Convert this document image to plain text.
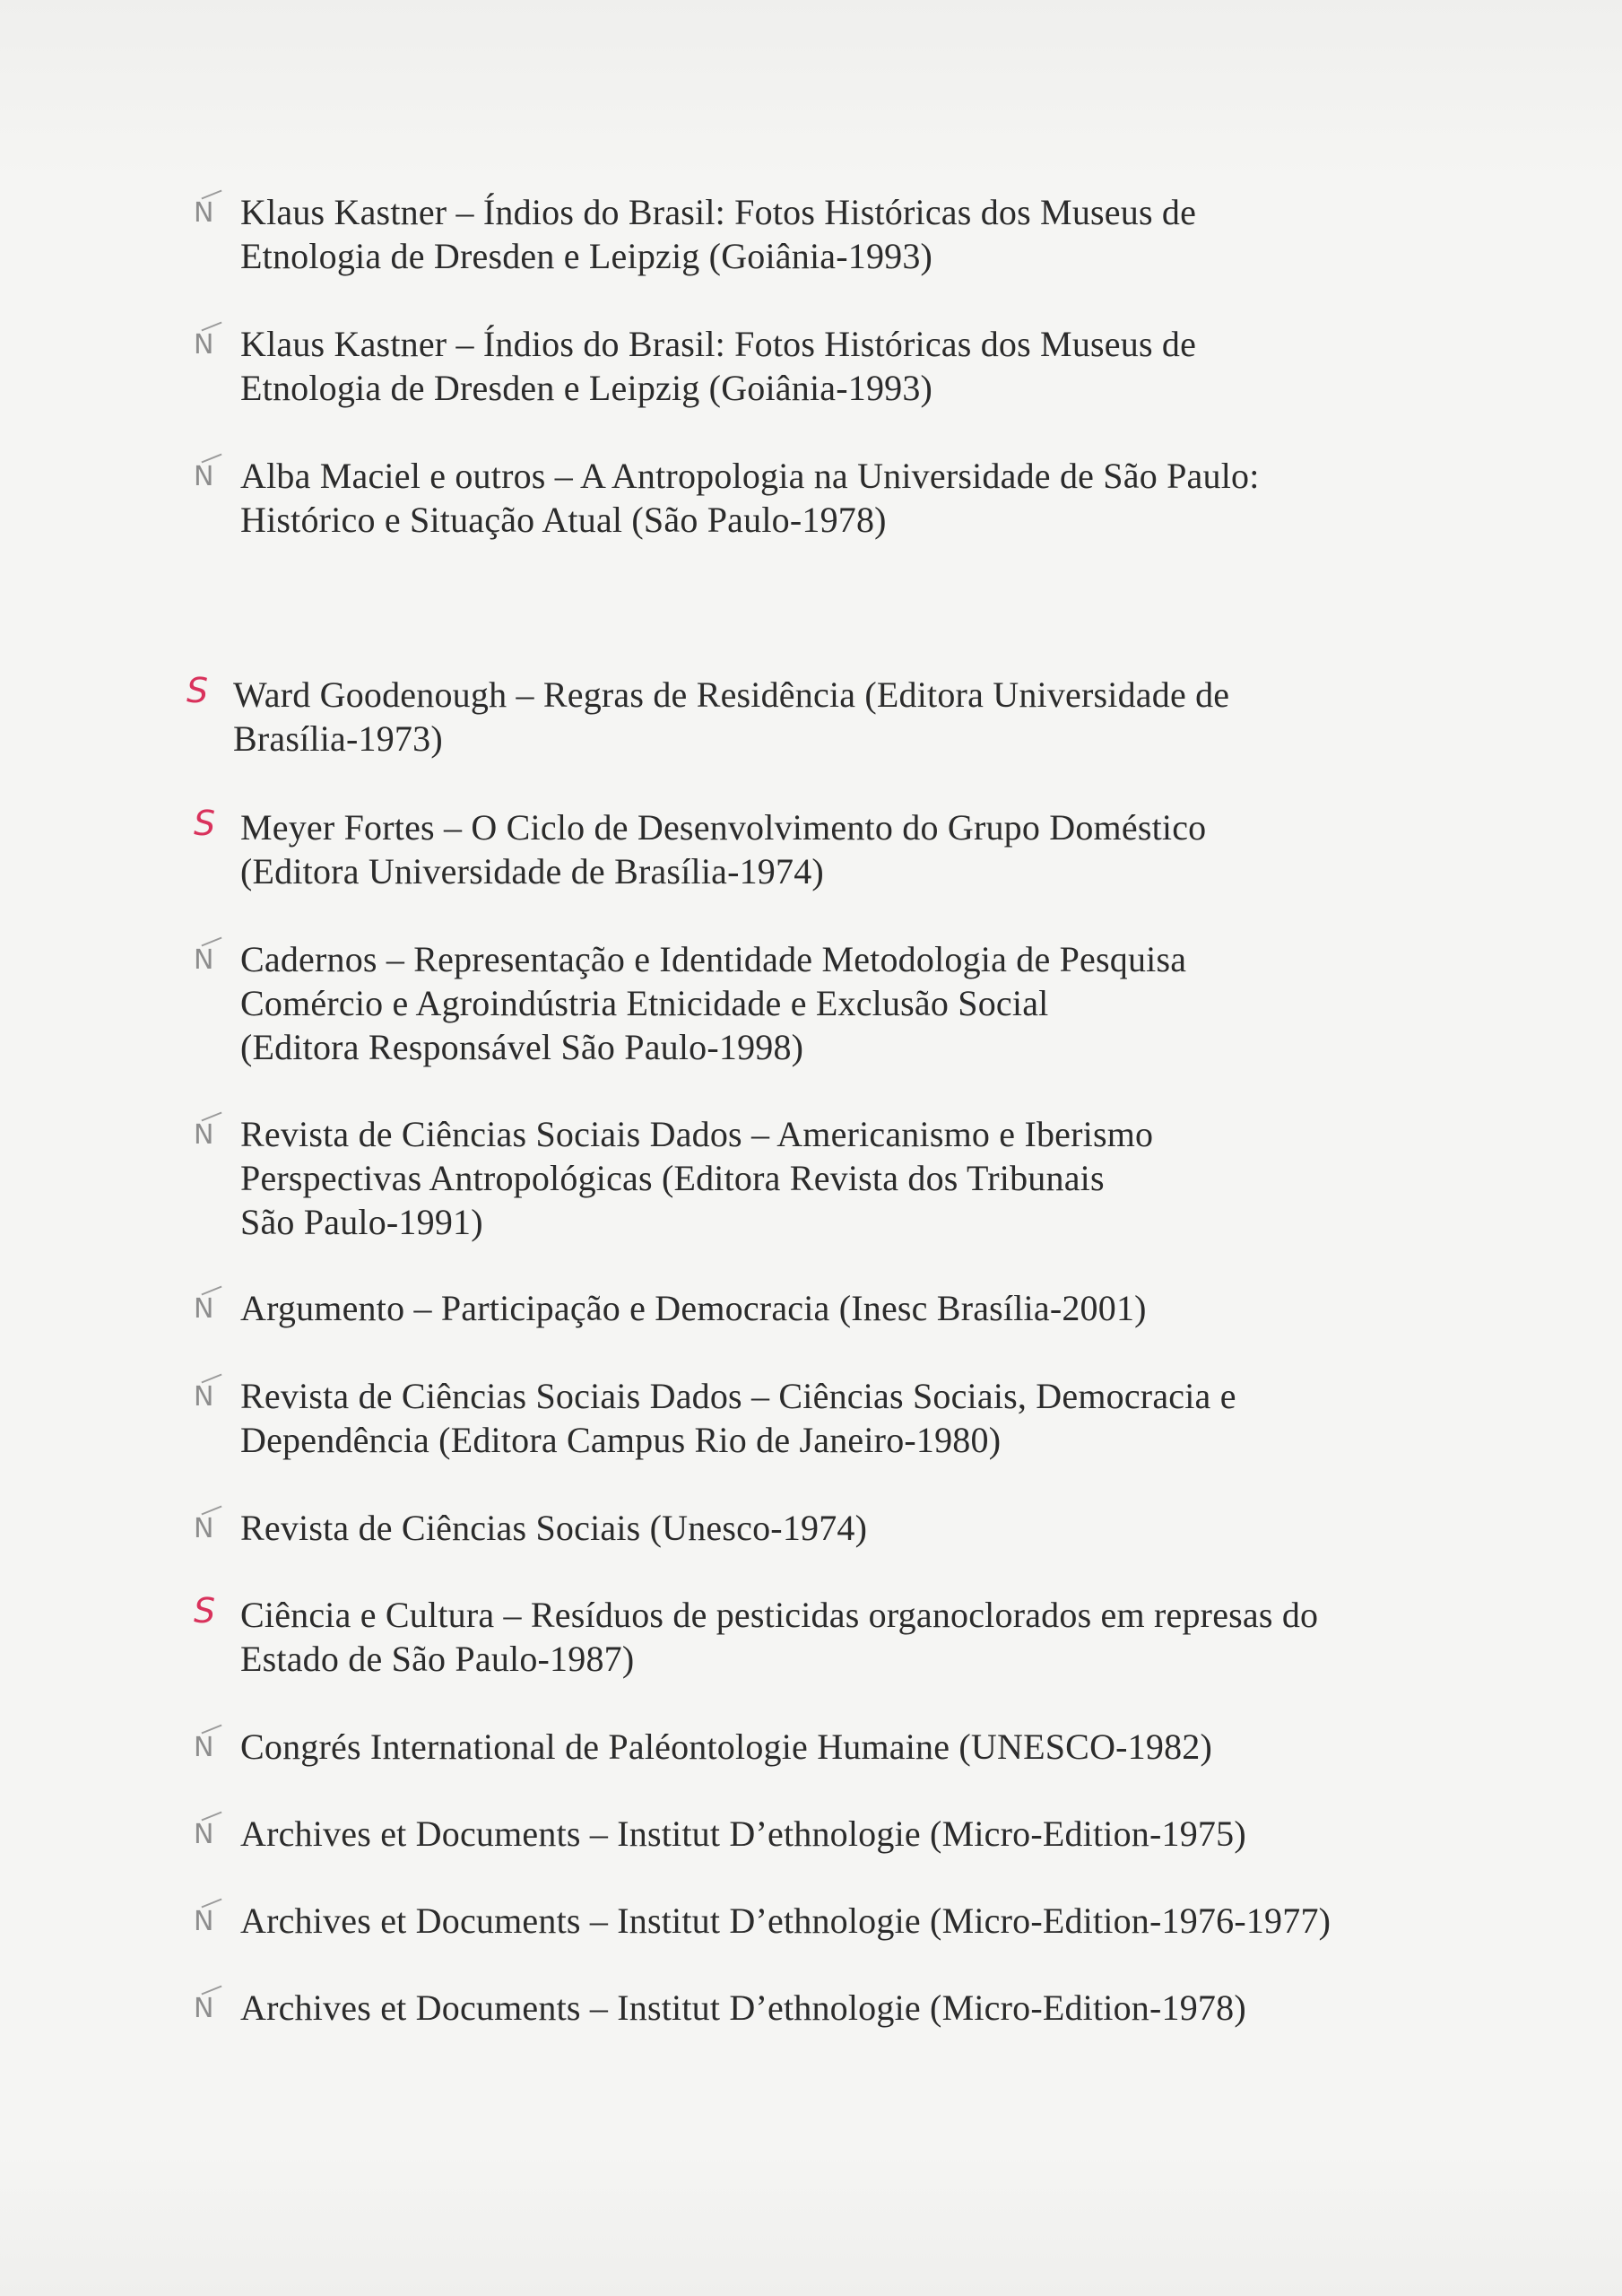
N Klaus Kastner – Índios do Brasil: Fotos Históricas dos Museus de
Etnologia de Dresden e Leipzig (Goiânia-1993)
N Klaus Kastner – Índios do Brasil: Fotos Históricas dos Museus de
Etnologia de Dresden e Leipzig (Goiânia-1993)
N Alba Maciel e outros – A Antropologia na Universidade de São Paulo:
Histórico e Situação Atual (São Paulo-1978)
S Ward Goodenough – Regras de Residência (Editora Universidade de
Brasília-1973)
S Meyer Fortes – O Ciclo de Desenvolvimento do Grupo Doméstico
(Editora Universidade de Brasília-1974)
N Cadernos – Representação e Identidade Metodologia de Pesquisa
Comércio e Agroindústria Etnicidade e Exclusão Social
(Editora Responsável São Paulo-1998)
N Revista de Ciências Sociais Dados – Americanismo e Iberismo
Perspectivas Antropológicas (Editora Revista dos Tribunais
São Paulo-1991)
N Argumento – Participação e Democracia (Inesc Brasília-2001)
N Revista de Ciências Sociais Dados – Ciências Sociais, Democracia e
Dependência (Editora Campus Rio de Janeiro-1980)
N Revista de Ciências Sociais (Unesco-1974)
S Ciência e Cultura – Resíduos de pesticidas organoclorados em represas do
Estado de São Paulo-1987)
N Congrés International de Paléontologie Humaine (UNESCO-1982)
N Archives et Documents – Institut D’ethnologie (Micro-Edition-1975)
N Archives et Documents – Institut D’ethnologie (Micro-Edition-1976-1977)
N Archives et Documents – Institut D’ethnologie (Micro-Edition-1978)
